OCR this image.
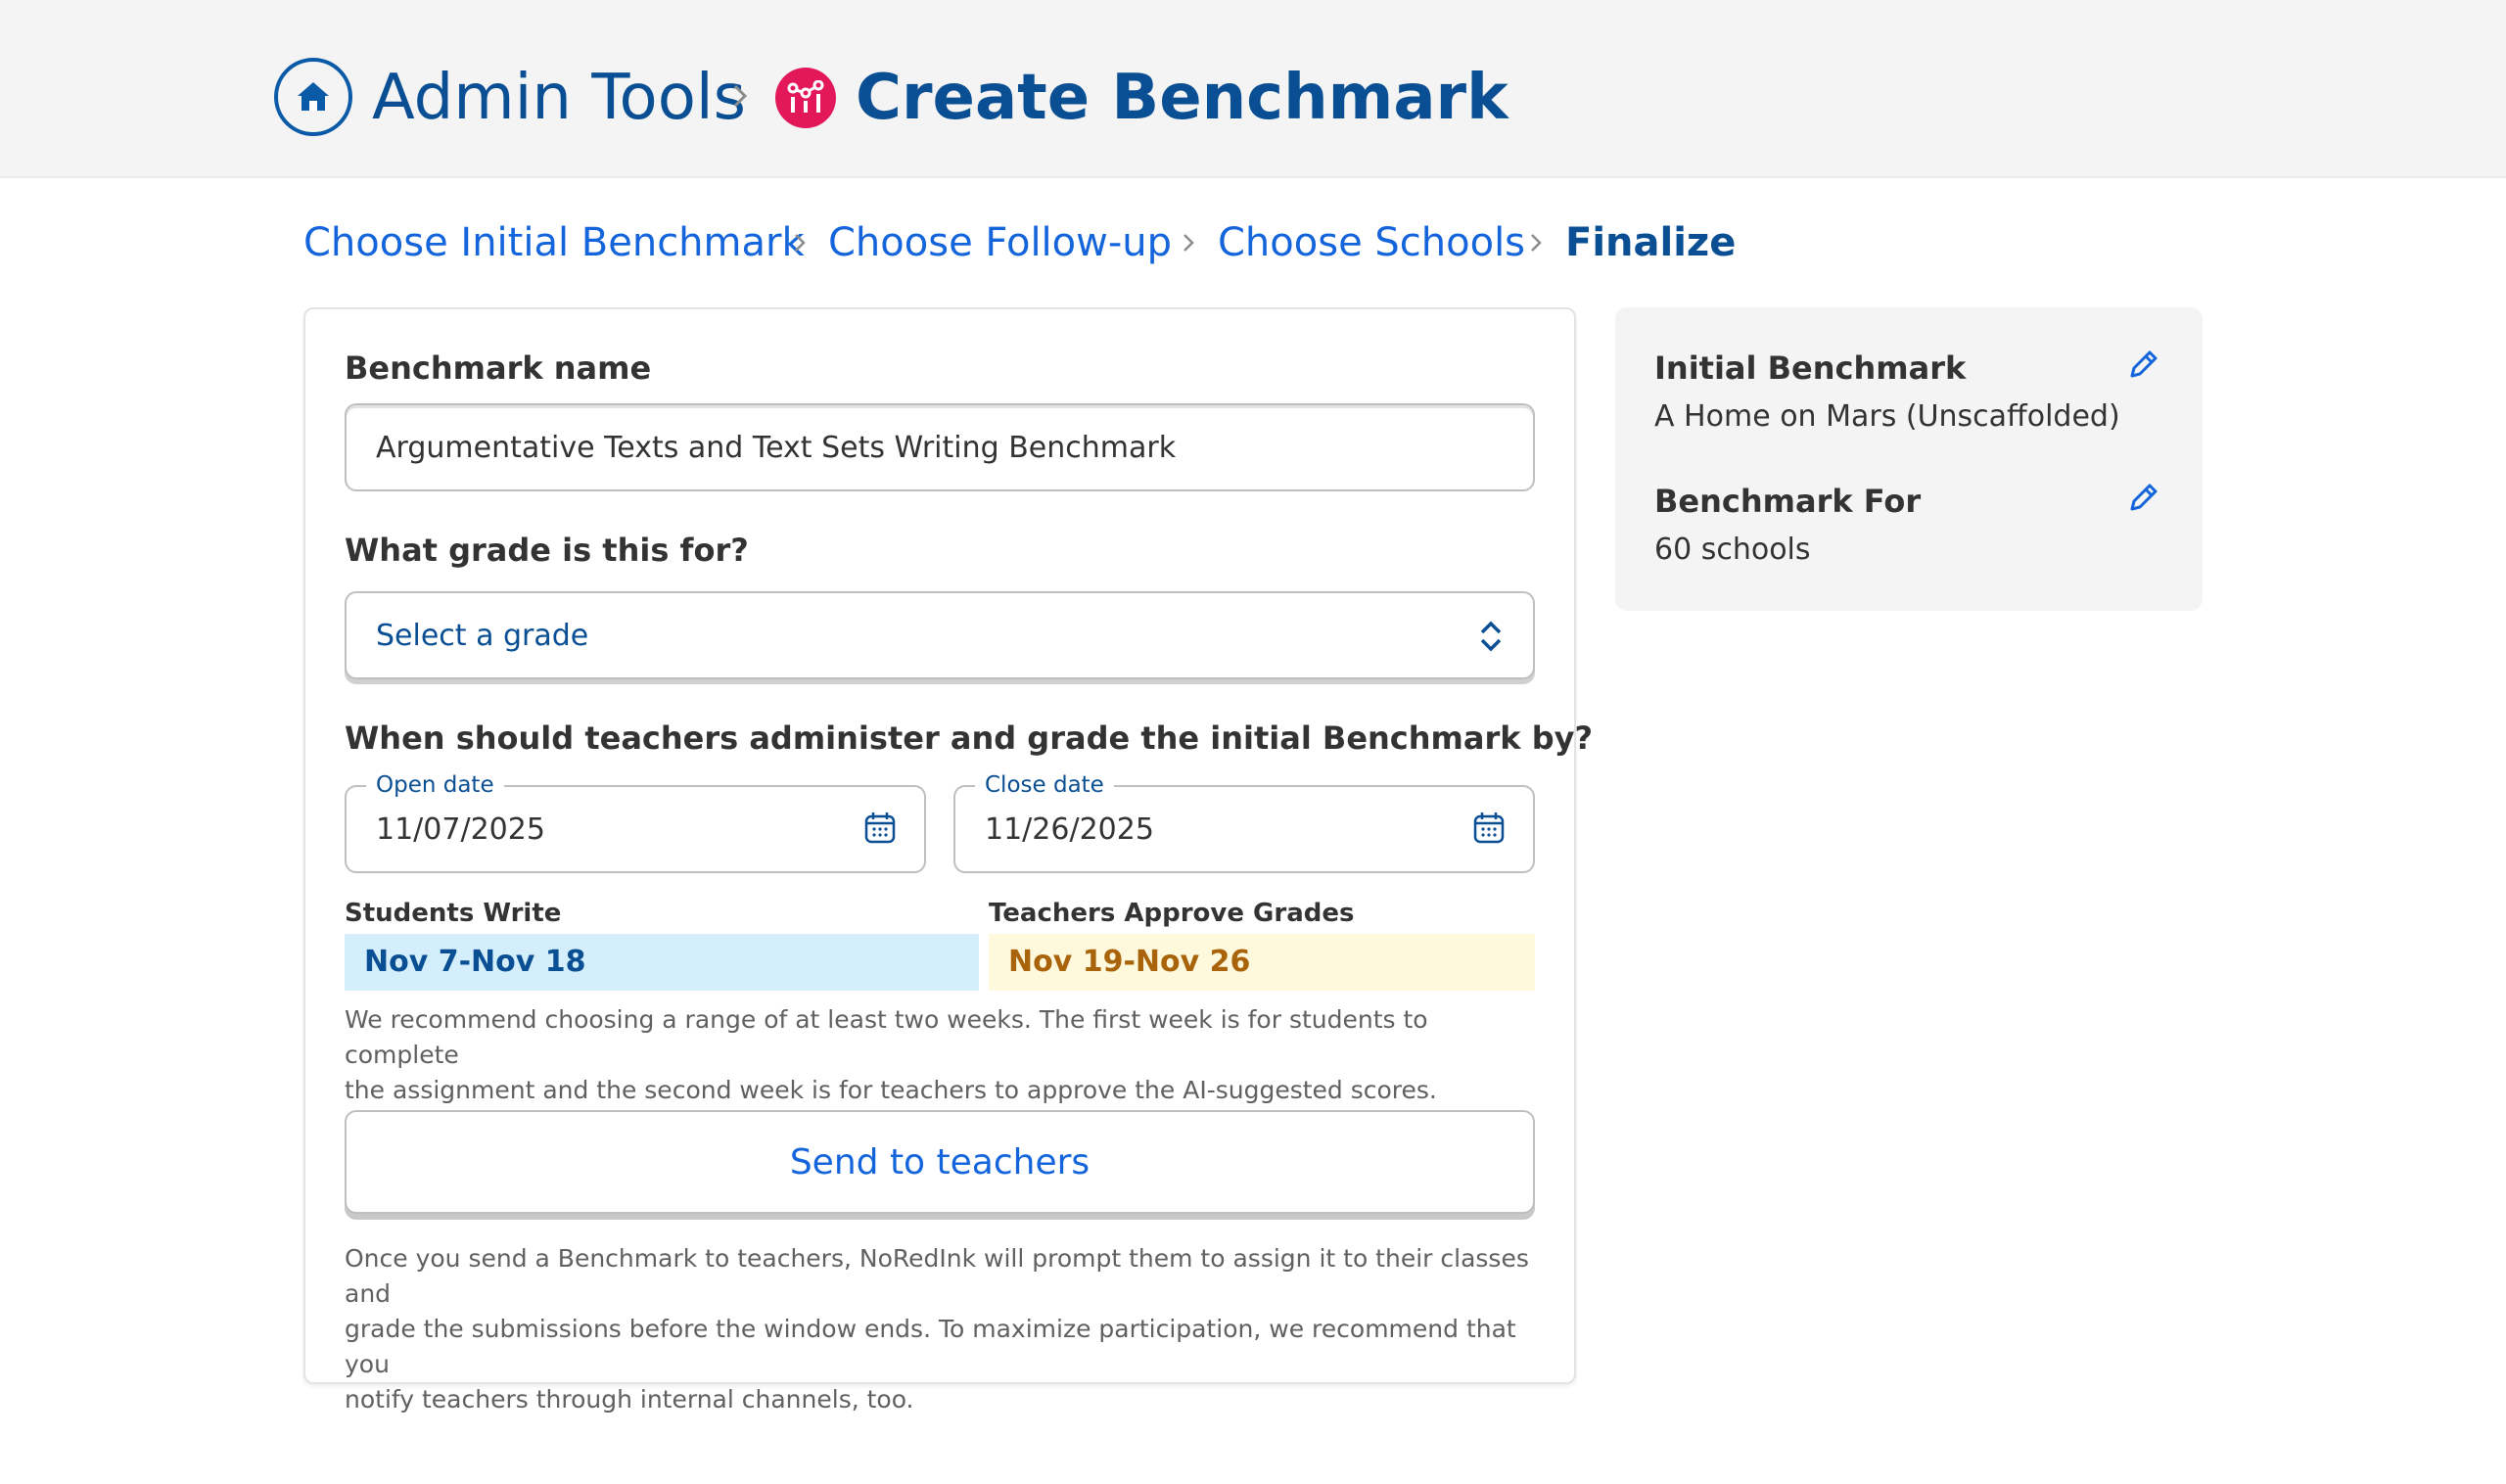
Admin Tools Create Benchmark
Choose Initial Benchmark Choose Follow-up Choose Schools Finalize
Benchmark name
Argumentative Texts and Text Sets Writing Benchmark
What grade is this for?
Select a grade
When should teachers administer and grade the initial Benchmark by?
Open date
11/07/2025
Close date
11/26/2025
Students Write	Teachers Approve Grades
Nov 7-Nov 18	Nov 19-Nov 26
We recommend choosing a range of at least two weeks. The first week is for students to complete
the assignment and the second week is for teachers to approve the AI-suggested scores.
Send to teachers
Once you send a Benchmark to teachers, NoRedInk will prompt them to assign it to their classes and
grade the submissions before the window ends. To maximize participation, we recommend that you
notify teachers through internal channels, too.
Initial Benchmark
A Home on Mars (Unscaffolded)
Benchmark For
60 schools
